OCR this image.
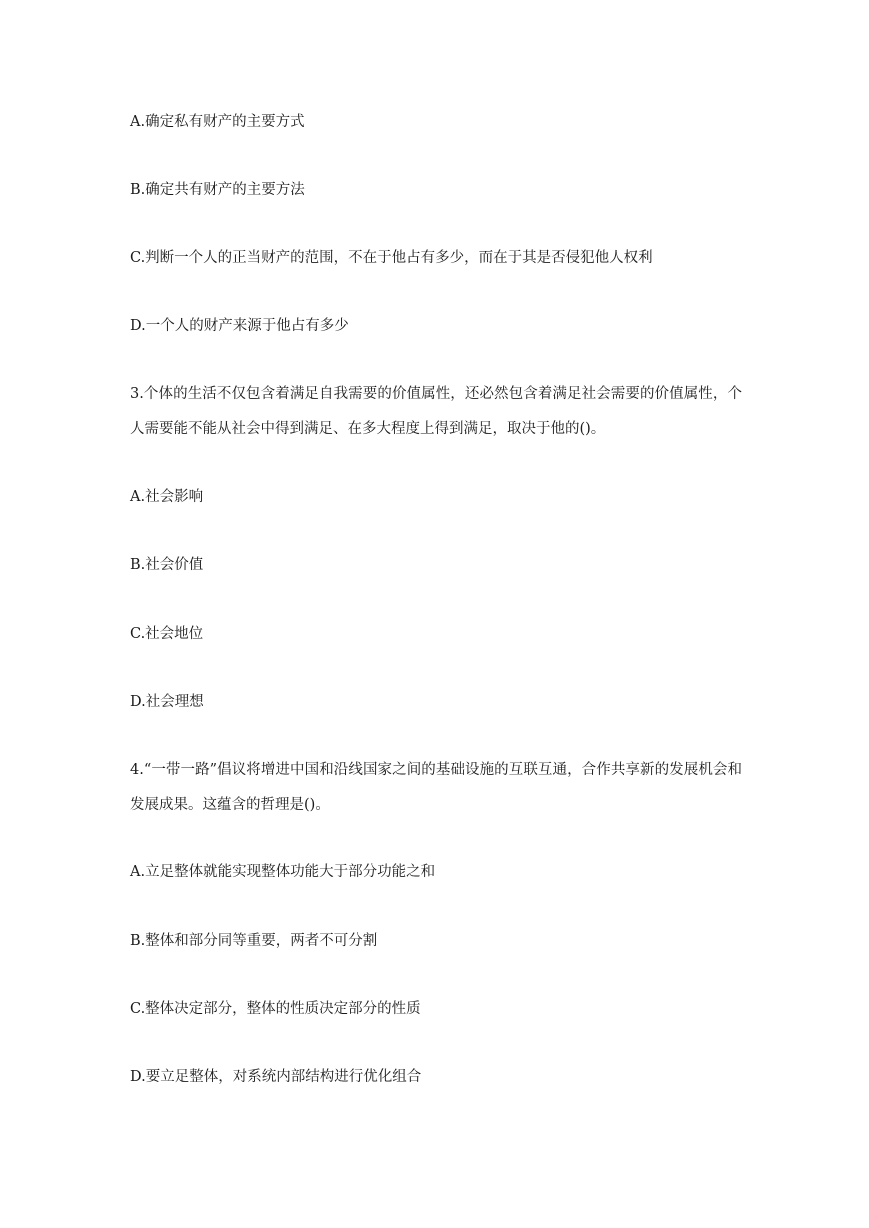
A.确定私有财产的主要方式
B.确定共有财产的主要方法
C.判断一个人的正当财产的范围，不在于他占有多少，而在于其是否侵犯他人权利
D.一个人的财产来源于他占有多少
3.个体的生活不仅包含着满足自我需要的价值属性，还必然包含着满足社会需要的价值属性，个人需要能不能从社会中得到满足、在多大程度上得到满足，取决于他的()。
A.社会影响
B.社会价值
C.社会地位
D.社会理想
4.“一带一路”倡议将增进中国和沿线国家之间的基础设施的互联互通，合作共享新的发展机会和发展成果。这蕴含的哲理是()。
A.立足整体就能实现整体功能大于部分功能之和
B.整体和部分同等重要，两者不可分割
C.整体决定部分，整体的性质决定部分的性质
D.要立足整体，对系统内部结构进行优化组合
